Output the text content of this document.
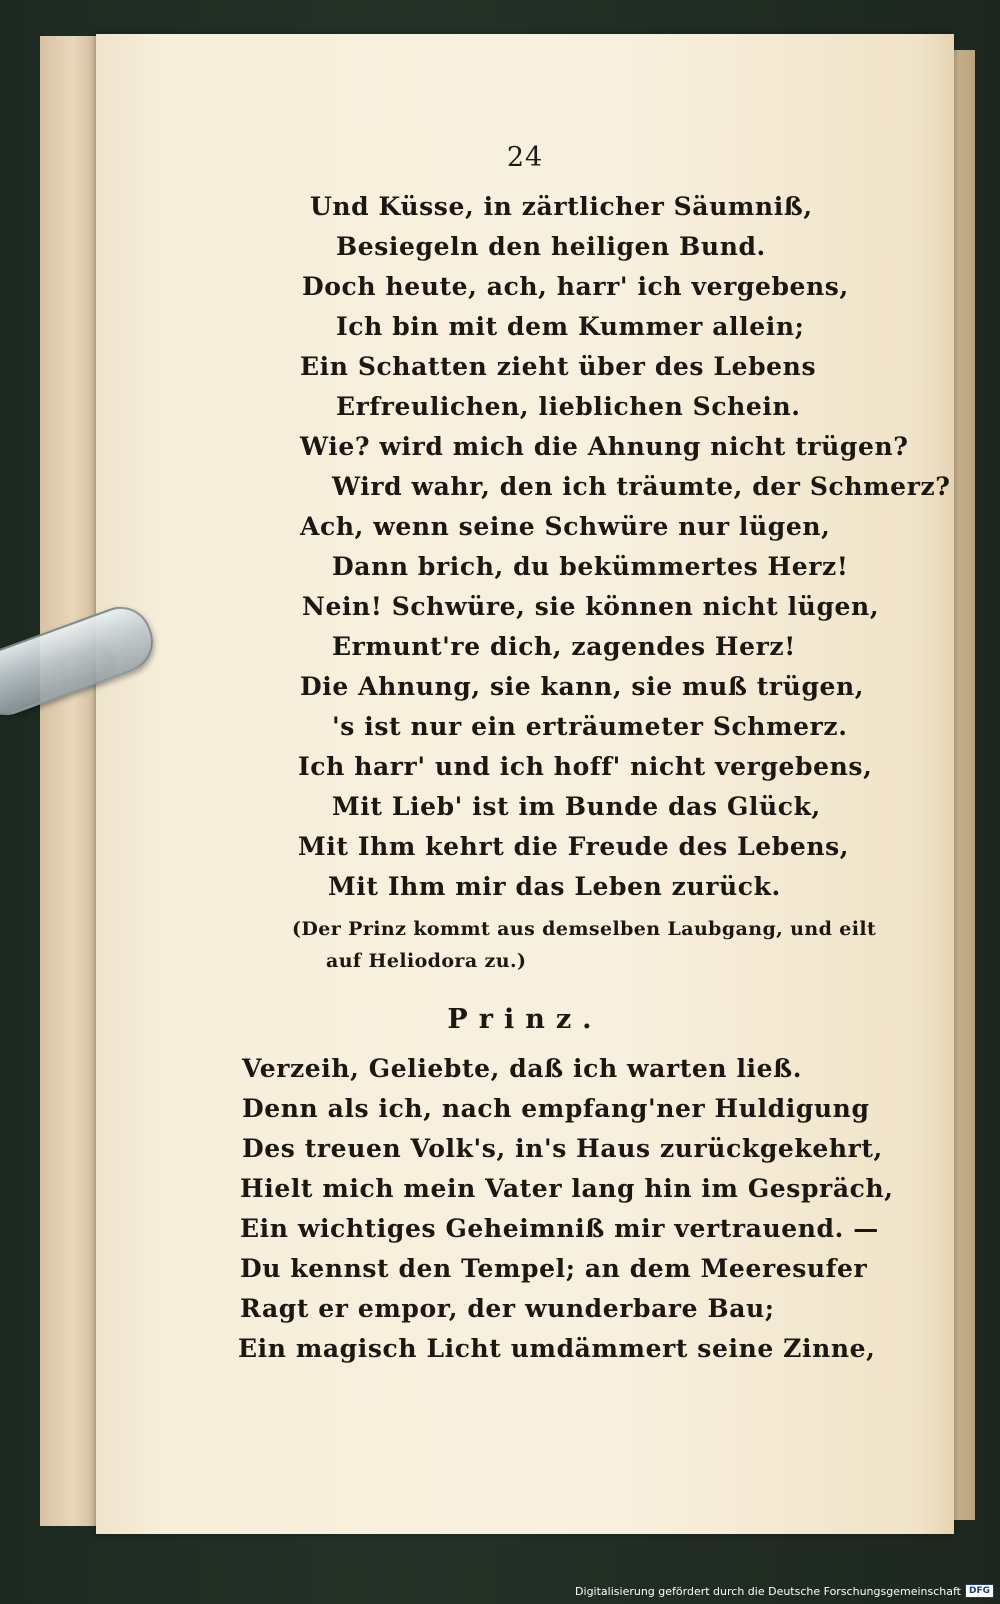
24
Und Küsse, in zärtlicher Säumniß,
Besiegeln den heiligen Bund.
Doch heute, ach, harr' ich vergebens,
Ich bin mit dem Kummer allein;
Ein Schatten zieht über des Lebens
Erfreulichen, lieblichen Schein.
Wie? wird mich die Ahnung nicht trügen?
Wird wahr, den ich träumte, der Schmerz?
Ach, wenn seine Schwüre nur lügen,
Dann brich, du bekümmertes Herz!
Nein! Schwüre, sie können nicht lügen,
Ermunt're dich, zagendes Herz!
Die Ahnung, sie kann, sie muß trügen,
's ist nur ein erträumeter Schmerz.
Ich harr' und ich hoff' nicht vergebens,
Mit Lieb' ist im Bunde das Glück,
Mit Ihm kehrt die Freude des Lebens,
Mit Ihm mir das Leben zurück.
(Der Prinz kommt aus demselben Laubgang, und eilt
auf Heliodora zu.)
Prinz.
Verzeih, Geliebte, daß ich warten ließ.
Denn als ich, nach empfang'ner Huldigung
Des treuen Volk's, in's Haus zurückgekehrt,
Hielt mich mein Vater lang hin im Gespräch,
Ein wichtiges Geheimniß mir vertrauend. —
Du kennst den Tempel; an dem Meeresufer
Ragt er empor, der wunderbare Bau;
Ein magisch Licht umdämmert seine Zinne,
Digitalisierung gefördert durch die Deutsche Forschungsgemeinschaft DFG
